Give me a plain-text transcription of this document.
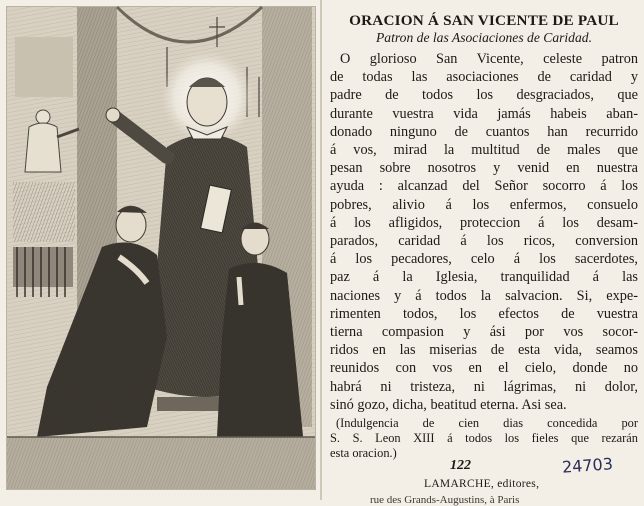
ORACION Á SAN VICENTE DE PAUL
Patron de las Asociaciones de Caridad.
O glorioso San Vicente, celeste patron
de todas las asociaciones de caridad y
padre de todos los desgraciados, que
durante vuestra vida jamás habeis aban-
donado ninguno de cuantos han recurrido
á vos, mirad la multitud de males que
pesan sobre nosotros y venid en nuestra
ayuda : alcanzad del Señor socorro á los
pobres, alivio á los enfermos, consuelo
á los afligidos, proteccion á los desam-
parados, caridad á los ricos, conversion
á los pecadores, celo á los sacerdotes,
paz á la Iglesia, tranquilidad á las
naciones y á todos la salvacion. Si, expe-
rimenten todos, los efectos de vuestra
tierna compasion y ási por vos socor-
ridos en las miserias de esta vida, seamos
reunidos con vos en el cielo, donde no
habrá ni tristeza, ni lágrimas, ni dolor,
sinó gozo, dicha, beatitud eterna. Asi sea.
(Indulgencia de cien dias concedida por
S. S. Leon XIII á todos los fieles que rezarán
esta oracion.)
122	24703
LAMARCHE, editores,
rue des Grands-Augustins, à Paris
